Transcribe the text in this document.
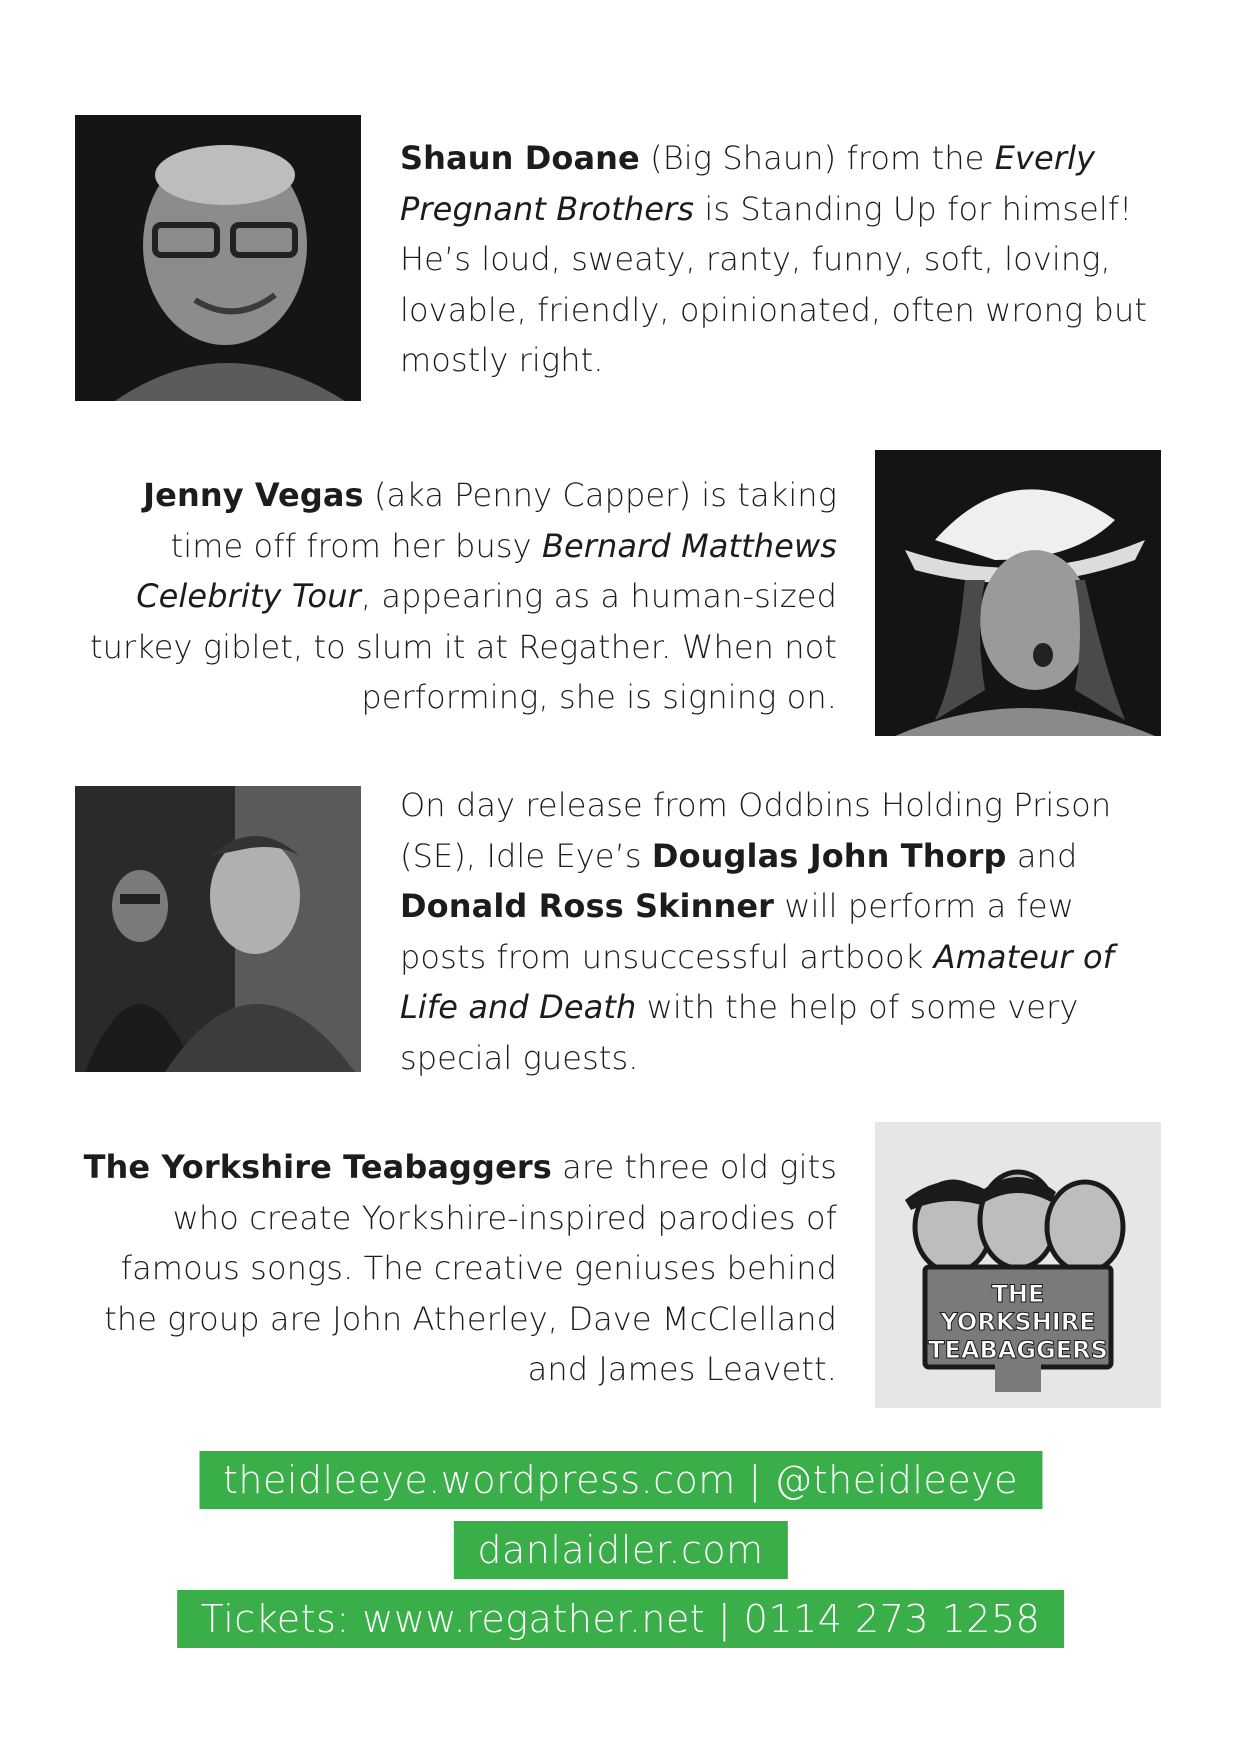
Shaun Doane (Big Shaun) from the Everly Pregnant Brothers is Standing Up for himself! He’s loud, sweaty, ranty, funny, soft, loving, lovable, friendly, opinionated, often wrong but mostly right.
Jenny Vegas (aka Penny Capper) is taking time off from her busy Bernard Matthews Celebrity Tour, appearing as a human-sized turkey giblet, to slum it at Regather. When not performing, she is signing on.
On day release from Oddbins Holding Prison (SE), Idle Eye’s Douglas John Thorp and Donald Ross Skinner will perform a few posts from unsuccessful artbook Amateur of Life and Death with the help of some very special guests.
THE
YORKSHIRE
TEABAGGERS
The Yorkshire Teabaggers are three old gits who create Yorkshire-inspired parodies of famous songs. The creative geniuses behind the group are John Atherley, Dave McClelland and James Leavett.
theidleeye.wordpress.com | @theidleeye
danlaidler.com
Tickets: www.regather.net | 0114 273 1258
